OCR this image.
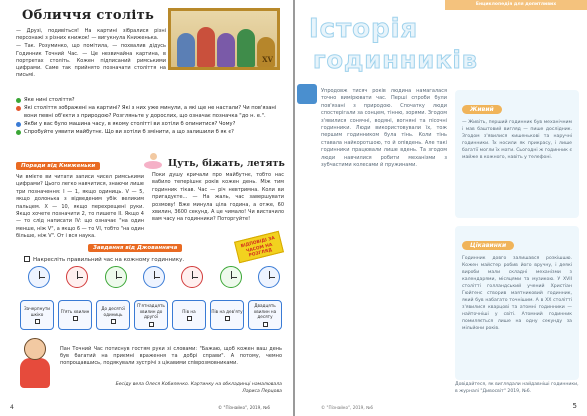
Обличчя століть
XV

— Друзі, подивіться! На картині зібралися різні персонажі з різних книжок! — вигукнула Книженька.

— Так. Розуминко, що помітила, — похвалив дідусь Годинник Точний Час. — Це незвичайна картина, в портретах століть. Кожен підписаний римськими цифрами. Саме так прийнято позначати століття на письмі.

Яке нині століття?
Які століття зображені на картині? Які з них уже минули, а які ще не настали? Чи пов'язані вони певні об'єкти з природою? Розгляньте у дорослих, що означає позначка "до н. е.".
Якби у вас було машина часу, в якому столітті ви хотіли б опинитися? Чому?
Спробуйте уявити майбутнє. Що ви хотіли б змінити, а що залишили б як є?
Поради від Книженьки
Чи вмієте ви читати записи чисел римськими цифрами? Цього легко навчитися, знаючи лише три позначення: I — 1, якщо одиниць. V — 5, якщо долонька з відведеним убік великим пальцем. X — 10, якщо перехрещені руки. Якщо хочете позначити 2, то пишете II. Якщо 4 — то слід написати IV: що означає "на один менше, ніж V", а якщо 6 — то VI, тобто "на один більше, ніж V". От і вся наука.
Цуть, біжать, летять
Поки душу кричали про майбутнє, тобто нас вабило теперішнє років кожен день. Між тим годинник тікав. Час — річ невтримна. Коли ви пригадуєте... — На жаль, час завершувати розмову! Вже минула ціла година, а отже, 60 хвилин, 3600 секунд. А це чимало! Чи вистачило вам часу на годинники? Поторгуйте!
Завдання від Джованнича	ВІДПОВІДІ ЗА ЧАСОМ НА РОЗГЛЯД
Накресліть правильний час на кожному годиннику.
Зачерпнути шкіко
П'ять хвилин
До десятої одиниць
П'ятнадцять хвилин до другої
Пів на	Пів на дев'яту
Двадцять хвилин на десяту
Пан Точний Час потиснув гостям руки зі словами: "Бажаю, щоб кожен ваш день був багатий на приємні враження та добрі справи". А потому, чемно попрощавшись, подякували зустрічі з цікавими співрозмовниками.
Бесіду вела Олеся Кобиленко. Картинку на обкладинці намалювала Лариса Перцова
4	© "Пізнайко", 2019, №6
Енциклопедія для допитливих
Історія
годинників
Упродовж тисяч років людина намагалася точно вимірювати час. Перші спроби були пов'язані з природою. Спочатку люди спостерігали за сонцем, тінню, зорями. Згодом з'явилися сонячні, водяні, вогняні та пісочні годинники. Люди використовували їх, тож першим годинником була тінь. Коли тінь ставала найкоротшою, то й опівдень. Але такі годинники працювали лише вдень. Та згодом люди навчилися робити механізми з зубчастими колесами й пружинами.
Живий
— Живіть, перший годинник був механічним і мав баштовий вигляд — пише дослідник. Згодом з'явилися кишенькові та наручні годинники. Їх носили як прикрасу, і лише багатії могли їх мати. Сьогодні ж годинник є майже в кожного, навіть у телефоні.
Цікавинки
Годинник довго залишався розкішшю. Кожен майстер робив його вручну, і деякі вироби мали складні механізми з календарями, місяцями та музикою. У XVII столітті голландський учений Христіан Гюйгенс створив маятниковий годинник, який був набагато точнішим. А в XX столітті з'явилися кварцові та атомні годинники — найточніші у світі. Атомний годинник помиляється лише на одну секунду за мільйони років.
Довідайтеся, як виглядали найдавніші годинники, в журналі "Дивосвіт" 2019, №6.
© "Пізнайко", 2019, №6	5
